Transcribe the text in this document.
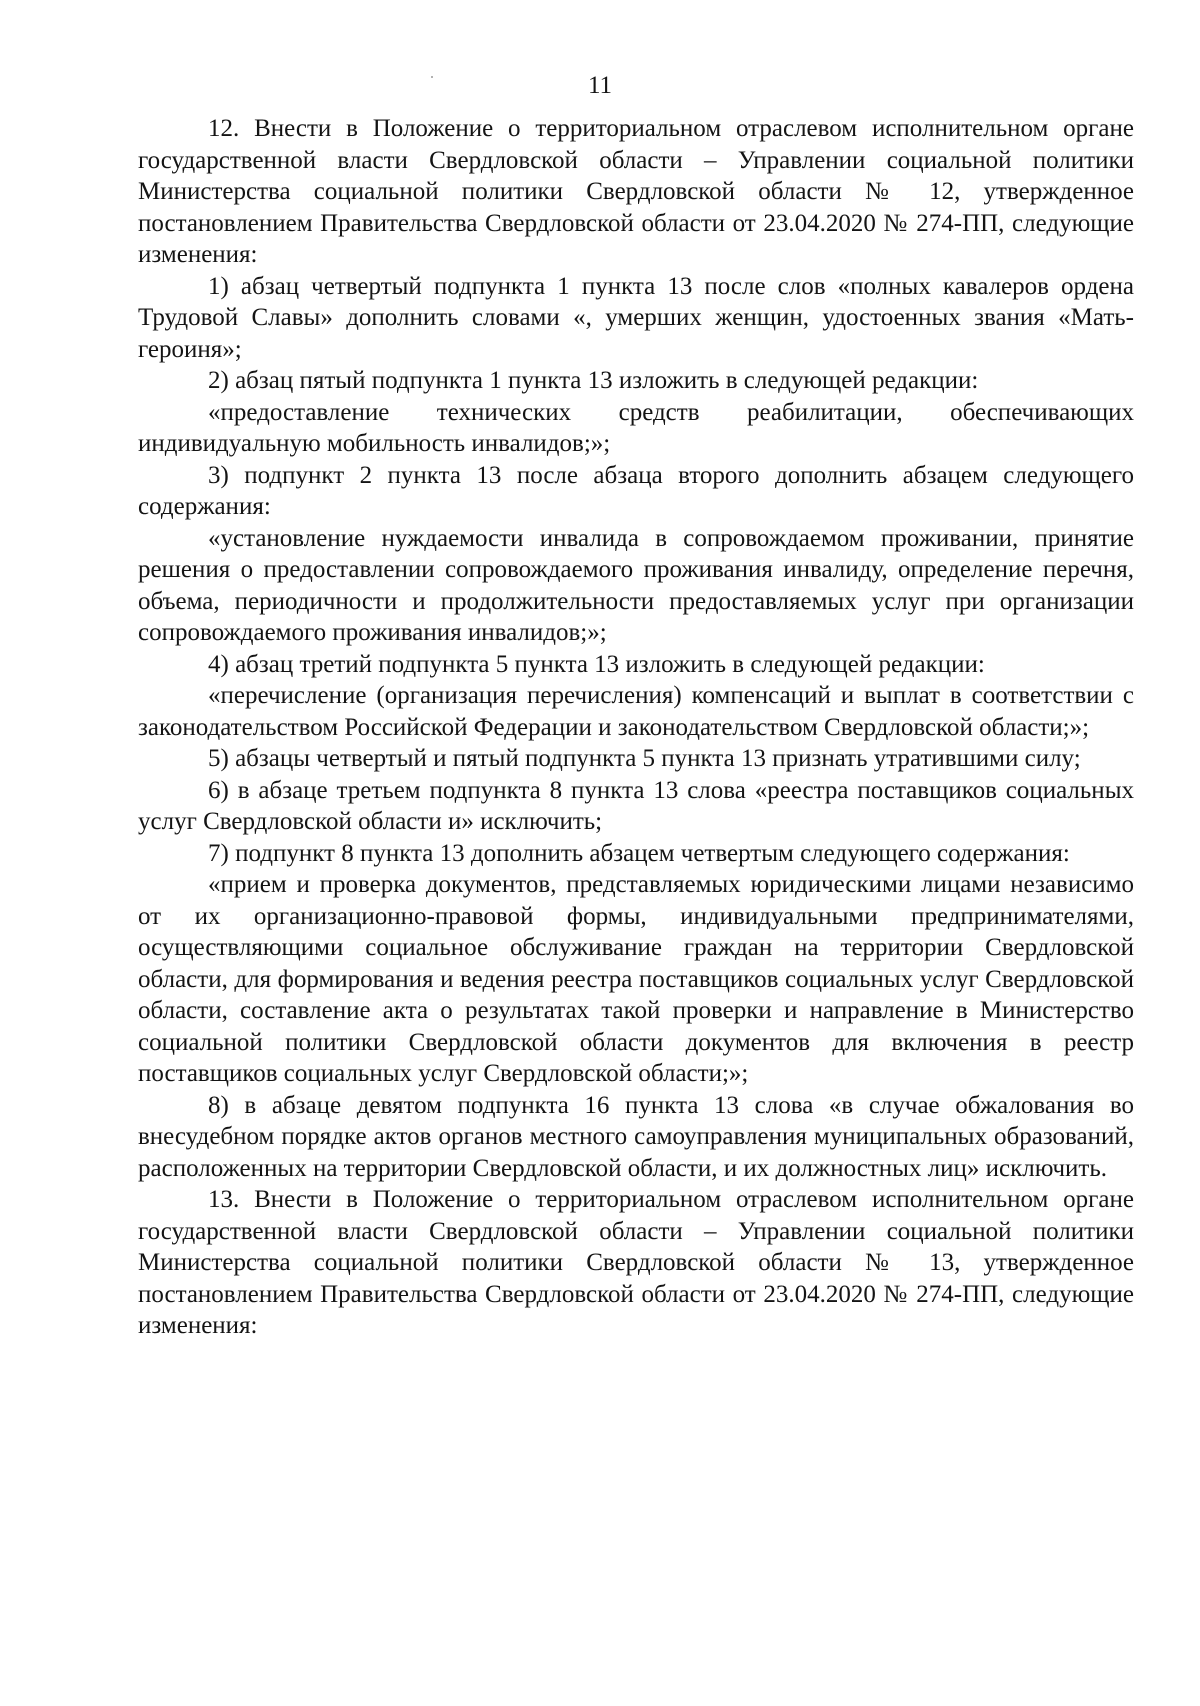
11

12. Внести в Положение о территориальном отраслевом исполнительном органе государственной власти Свердловской области – Управлении социальной политики Министерства социальной политики Свердловской области № 12, утвержденное постановлением Правительства Свердловской области от 23.04.2020 № 274-ПП, следующие изменения:

1) абзац четвертый подпункта 1 пункта 13 после слов «полных кавалеров ордена Трудовой Славы» дополнить словами «, умерших женщин, удостоенных звания «Мать-героиня»;

2) абзац пятый подпункта 1 пункта 13 изложить в следующей редакции:

«предоставление технических средств реабилитации, обеспечивающих индивидуальную мобильность инвалидов;»;

3) подпункт 2 пункта 13 после абзаца второго дополнить абзацем следующего содержания:

«установление нуждаемости инвалида в сопровождаемом проживании, принятие решения о предоставлении сопровождаемого проживания инвалиду, определение перечня, объема, периодичности и продолжительности предоставляемых услуг при организации сопровождаемого проживания инвалидов;»;

4) абзац третий подпункта 5 пункта 13 изложить в следующей редакции:

«перечисление (организация перечисления) компенсаций и выплат в соответствии с законодательством Российской Федерации и законодательством Свердловской области;»;

5) абзацы четвертый и пятый подпункта 5 пункта 13 признать утратившими силу;

6) в абзаце третьем подпункта 8 пункта 13 слова «реестра поставщиков социальных услуг Свердловской области и» исключить;

7) подпункт 8 пункта 13 дополнить абзацем четвертым следующего содержания:

«прием и проверка документов, представляемых юридическими лицами независимо от их организационно-правовой формы, индивидуальными предпринимателями, осуществляющими социальное обслуживание граждан на территории Свердловской области, для формирования и ведения реестра поставщиков социальных услуг Свердловской области, составление акта о результатах такой проверки и направление в Министерство социальной политики Свердловской области документов для включения в реестр поставщиков социальных услуг Свердловской области;»;

8) в абзаце девятом подпункта 16 пункта 13 слова «в случае обжалования во внесудебном порядке актов органов местного самоуправления муниципальных образований, расположенных на территории Свердловской области, и их должностных лиц» исключить.

13. Внести в Положение о территориальном отраслевом исполнительном органе государственной власти Свердловской области – Управлении социальной политики Министерства социальной политики Свердловской области № 13, утвержденное постановлением Правительства Свердловской области от 23.04.2020 № 274-ПП, следующие изменения:
